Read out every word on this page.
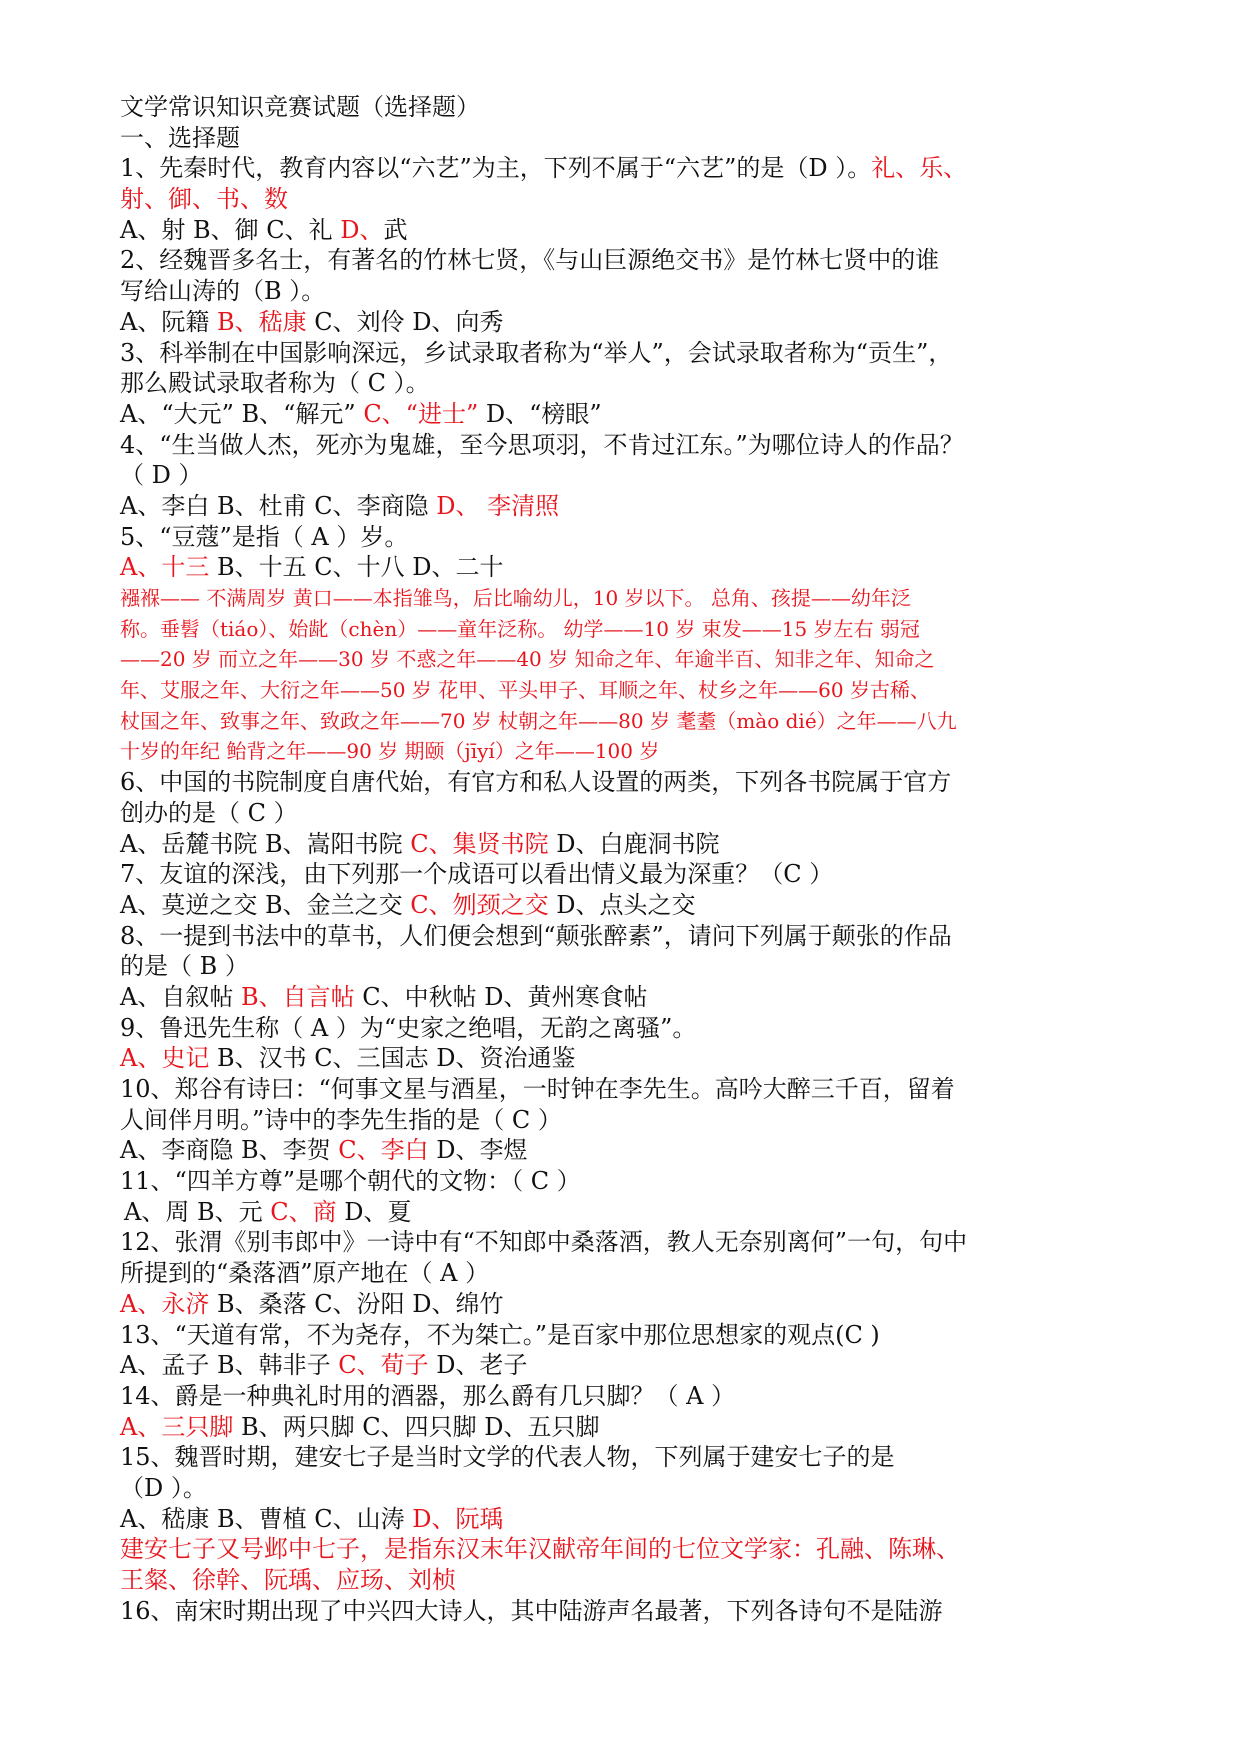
文学常识知识竞赛试题（选择题）
一、选择题
1、先秦时代，教育内容以“六艺”为主，下列不属于“六艺”的是（D ）。礼、乐、
射、御、书、数
A、射 B、御 C、礼 D、武
2、经魏晋多名士，有著名的竹林七贤，《与山巨源绝交书》是竹林七贤中的谁
写给山涛的（B ）。
A、阮籍 B、嵇康 C、刘伶 D、向秀
3、科举制在中国影响深远，乡试录取者称为“举人”，会试录取者称为“贡生”，
那么殿试录取者称为（ C ）。
A、“大元” B、“解元” C、“进士” D、“榜眼”
4、“生当做人杰，死亦为鬼雄，至今思项羽，不肯过江东。”为哪位诗人的作品？
（ D ）
A、李白 B、杜甫 C、李商隐 D、 李清照
5、“豆蔻”是指（ A ）岁。
A、十三 B、十五 C、十八 D、二十
襁褓—— 不满周岁 黄口——本指雏鸟，后比喻幼儿，10 岁以下。 总角、孩提——幼年泛
称。垂髫（tiáo）、始龀（chèn）——童年泛称。 幼学——10 岁 束发——15 岁左右 弱冠
——20 岁 而立之年——30 岁 不惑之年——40 岁 知命之年、年逾半百、知非之年、知命之
年、艾服之年、大衍之年——50 岁 花甲、平头甲子、耳顺之年、杖乡之年——60 岁古稀、
杖国之年、致事之年、致政之年——70 岁 杖朝之年——80 岁 耄耋（mào dié）之年——八九
十岁的年纪 鲐背之年——90 岁 期颐（jīyí）之年——100 岁
6、中国的书院制度自唐代始，有官方和私人设置的两类，下列各书院属于官方
创办的是（ C ）
A、岳麓书院 B、嵩阳书院 C、集贤书院 D、白鹿洞书院
7、友谊的深浅，由下列那一个成语可以看出情义最为深重？（C ）
A、莫逆之交 B、金兰之交 C、刎颈之交 D、点头之交
8、一提到书法中的草书，人们便会想到“颠张醉素”，请问下列属于颠张的作品
的是（ B ）
A、自叙帖 B、自言帖 C、中秋帖 D、黄州寒食帖
9、鲁迅先生称（ A ）为“史家之绝唱，无韵之离骚”。
A、史记 B、汉书 C、三国志 D、资治通鉴
10、郑谷有诗曰：“何事文星与酒星，一时钟在李先生。高吟大醉三千百，留着
人间伴月明。”诗中的李先生指的是（ C ）
A、李商隐 B、李贺 C、李白 D、李煜
11、“四羊方尊”是哪个朝代的文物：（ C ）
A、周 B、元 C、商 D、夏
12、张渭《别韦郎中》一诗中有“不知郎中桑落酒，教人无奈别离何”一句，句中
所提到的“桑落酒”原产地在（ A ）
A、永济 B、桑落 C、汾阳 D、绵竹
13、“天道有常，不为尧存，不为桀亡。”是百家中那位思想家的观点(C )
A、孟子 B、韩非子 C、荀子 D、老子
14、爵是一种典礼时用的酒器，那么爵有几只脚？（ A ）
A、三只脚 B、两只脚 C、四只脚 D、五只脚
15、魏晋时期，建安七子是当时文学的代表人物，下列属于建安七子的是
（D ）。
A、嵇康 B、曹植 C、山涛 D、阮瑀
建安七子又号邺中七子，是指东汉末年汉献帝年间的七位文学家：孔融、陈琳、
王粲、徐幹、阮瑀、应玚、刘桢
16、南宋时期出现了中兴四大诗人，其中陆游声名最著，下列各诗句不是陆游
